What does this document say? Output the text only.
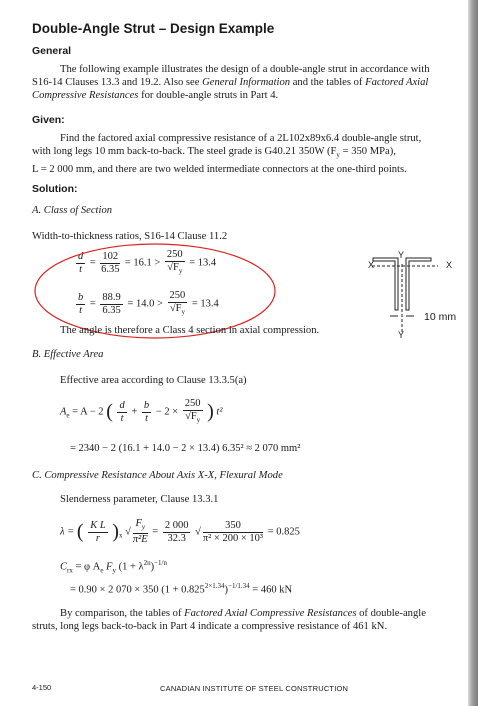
Double-Angle Strut – Design Example
General
The following example illustrates the design of a double-angle strut in accordance with
S16-14 Clauses 13.3 and 19.2. Also see General Information and the tables of Factored Axial
Compressive Resistances for double-angle struts in Part 4.
Given:
Find the factored axial compressive resistance of a 2L102x89x6.4 double-angle strut,
with long legs 10 mm back-to-back. The steel grade is G40.21 350W ($F_y = 350$ MPa),
L = 2 000 mm, and there are two welded intermediate connectors at the one-third points.
Solution:
A. Class of Section
Width-to-thickness ratios, S16-14 Clause 11.2
$\frac{d}{t} = \frac{102}{6.35} = 16.1 > \frac{250}{√F_y} = 13.4$
$\frac{b}{t} = \frac{88.9}{6.35} = 14.0 > \frac{250}{√F_y} = 13.4$
The angle is therefore a Class 4 section in axial compression.
Y
X	X
10 mm
Y
B. Effective Area
Effective area according to Clause 13.3.5(a)
$A_e = A - 2$ ( $\frac{d}{t} + \frac{b}{t} - 2 \times \frac{250}{√F_y}$ ) t²
= 2340 − 2 (16.1 + 14.0 − 2 × 13.4) 6.35² ≈ 2 070 mm²
C. Compressive Resistance About Axis X-X, Flexural Mode
Slenderness parameter, Clause 13.3.1
λ = ( $\frac{\text{K L}}{r} )_x$ √ $\frac{F_y}{\text{π²E}} = \frac{2 000}{32.3}$ √ $\frac{350}{\text{π² × 200 × 10³}} = 0.825$
$C_{rx} = \varphi$ $A_e$ $F_y$ $(1 + \lambda^{2n})^{-1/n}$
= 0.90 × 2 070 × 350 $(1 + 0.825^{2\times 1.34})^{-1/1.34} = 460$ kN
By comparison, the tables of Factored Axial Compressive Resistances of double-angle
struts, long legs back-to-back in Part 4 indicate a compressive resistance of 461 kN.
4-150	CANADIAN INSTITUTE OF STEEL CONSTRUCTION
